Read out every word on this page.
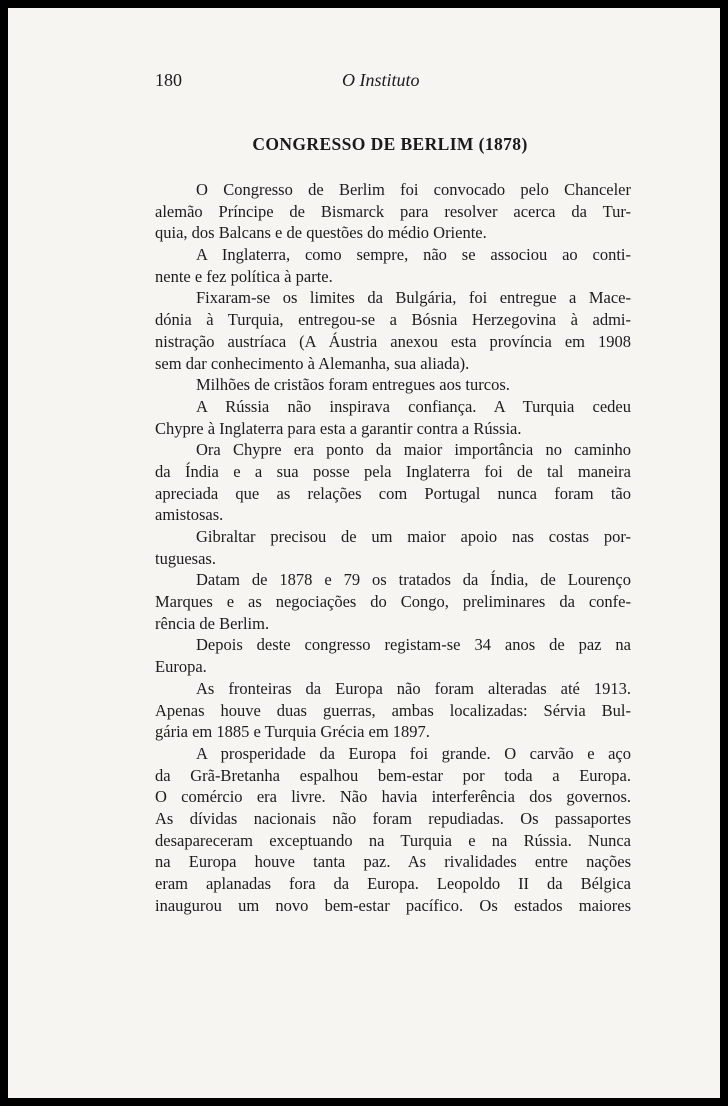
180	O Instituto
CONGRESSO DE BERLIM (1878)
O Congresso de Berlim foi convocado pelo Chanceler
alemão Príncipe de Bismarck para resolver acerca da Tur-
quia, dos Balcans e de questões do médio Oriente.
A Inglaterra, como sempre, não se associou ao conti-
nente e fez política à parte.
Fixaram-se os limites da Bulgária, foi entregue a Mace-
dónia à Turquia, entregou-se a Bósnia Herzegovina à admi-
nistração austríaca (A Áustria anexou esta província em 1908
sem dar conhecimento à Alemanha, sua aliada).
Milhões de cristãos foram entregues aos turcos.
A Rússia não inspirava confiança. A Turquia cedeu
Chypre à Inglaterra para esta a garantir contra a Rússia.
Ora Chypre era ponto da maior importância no caminho
da Índia e a sua posse pela Inglaterra foi de tal maneira
apreciada que as relações com Portugal nunca foram tão
amistosas.
Gibraltar precisou de um maior apoio nas costas por-
tuguesas.
Datam de 1878 e 79 os tratados da Índia, de Lourenço
Marques e as negociações do Congo, preliminares da confe-
rência de Berlim.
Depois deste congresso registam-se 34 anos de paz na
Europa.
As fronteiras da Europa não foram alteradas até 1913.
Apenas houve duas guerras, ambas localizadas: Sérvia Bul-
gária em 1885 e Turquia Grécia em 1897.
A prosperidade da Europa foi grande. O carvão e aço
da Grã-Bretanha espalhou bem-estar por toda a Europa.
O comércio era livre. Não havia interferência dos governos.
As dívidas nacionais não foram repudiadas. Os passaportes
desapareceram exceptuando na Turquia e na Rússia. Nunca
na Europa houve tanta paz. As rivalidades entre nações
eram aplanadas fora da Europa. Leopoldo II da Bélgica
inaugurou um novo bem-estar pacífico. Os estados maiores
